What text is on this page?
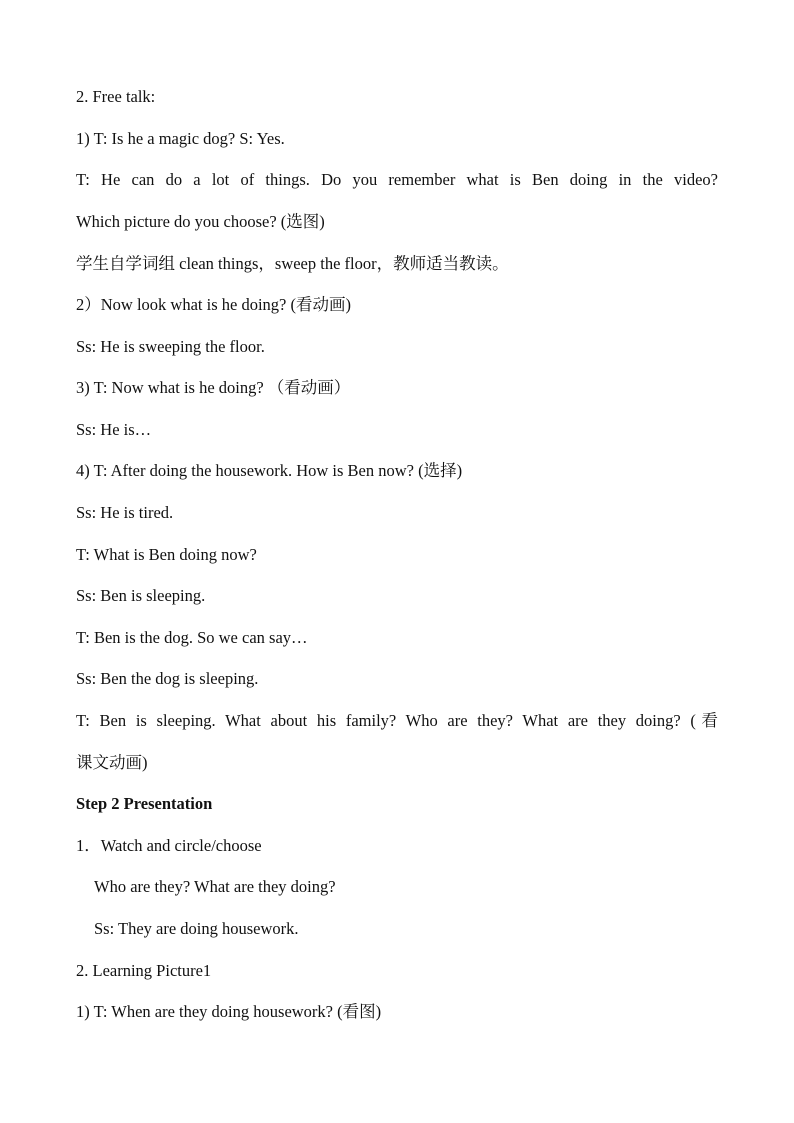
2. Free talk:
1) T: Is he a magic dog? S: Yes.
T: He can do a lot of things. Do you remember what is Ben doing in the video?
Which picture do you choose? (选图)
学生自学词组 clean things，sweep the floor，教师适当教读。
2）Now look what is he doing? (看动画)
Ss: He is sweeping the floor.
3) T: Now what is he doing? （看动画）
Ss: He is…
4) T: After doing the housework. How is Ben now? (选择)
Ss: He is tired.
T: What is Ben doing now?
Ss: Ben is sleeping.
T: Ben is the dog. So we can say…
Ss: Ben the dog is sleeping.
T: Ben is sleeping. What about his family? Who are they? What are they doing? (看
课文动画)
Step 2 Presentation
1．Watch and circle/choose
Who are they? What are they doing?
Ss: They are doing housework.
2. Learning Picture1
1) T: When are they doing housework? (看图)
